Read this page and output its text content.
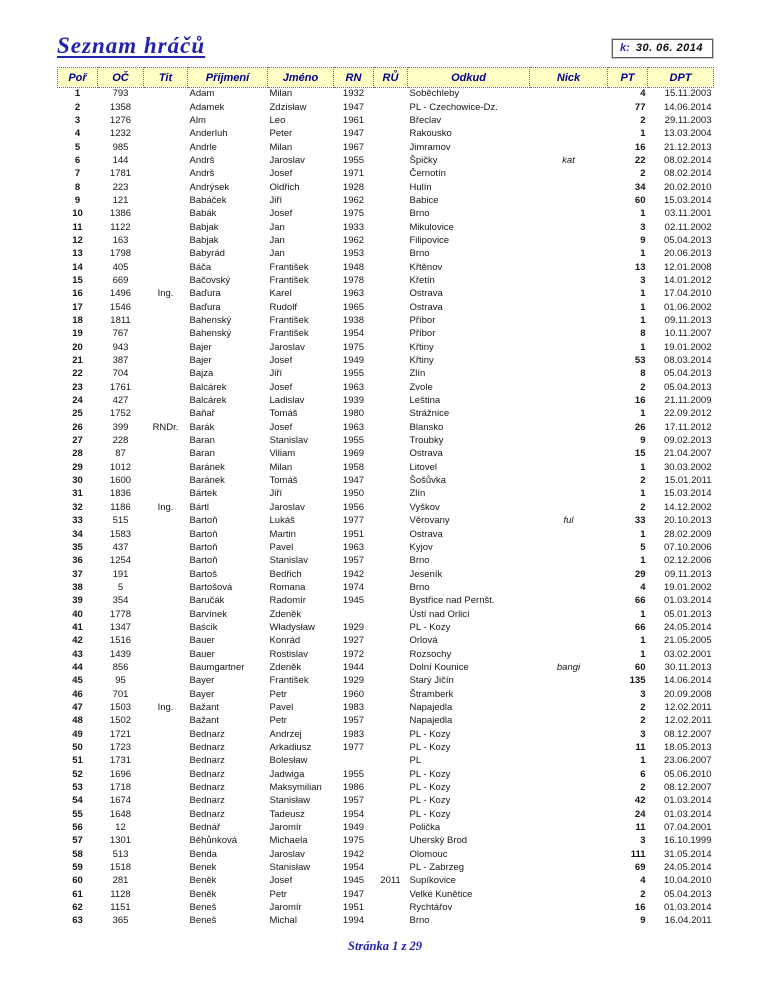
Seznam hráčů	k: 30. 06. 2014
Poř	OČ	Tit	Příjmení	Jméno	RN	RŮ	Odkud	Nick	PT	DPT
1	793		Adam	Milan	1932		Soběchleby		4	15.11.2003
2	1358		Adamek	Zdzisław	1947		PL - Czechowice-Dz.		77	14.06.2014
3	1276		Alm	Leo	1961		Břeclav		2	29.11.2003
4	1232		Anderluh	Peter	1947		Rakousko		1	13.03.2004
5	985		Andrle	Milan	1967		Jimramov		16	21.12.2013
6	144		Andrš	Jaroslav	1955		Špičky	kat	22	08.02.2014
7	1781		Andrš	Josef	1971		Černotín		2	08.02.2014
8	223		Andrýsek	Oldřich	1928		Hulín		34	20.02.2010
9	121		Babáček	Jiří	1962		Babice		60	15.03.2014
10	1386		Babák	Josef	1975		Brno		1	03.11.2001
11	1122		Babjak	Jan	1933		Mikulovice		3	02.11.2002
12	163		Babjak	Jan	1962		Filipovice		9	05.04.2013
13	1798		Babyrád	Jan	1953		Brno		1	20.06.2013
14	405		Báča	František	1948		Křtěnov		13	12.01.2008
15	669		Bačovský	František	1978		Křetín		3	14.01.2012
16	1496	Ing.	Baďura	Karel	1963		Ostrava		1	17.04.2010
17	1546		Baďura	Rudolf	1965		Ostrava		1	01.06.2002
18	1811		Bahenský	František	1938		Příbor		1	09.11.2013
19	767		Bahenský	František	1954		Příbor		8	10.11.2007
20	943		Bajer	Jaroslav	1975		Křtiny		1	19.01.2002
21	387		Bajer	Josef	1949		Křtiny		53	08.03.2014
22	704		Bajza	Jiří	1955		Zlín		8	05.04.2013
23	1761		Balcárek	Josef	1963		Zvole		2	05.04.2013
24	427		Balcárek	Ladislav	1939		Leština		16	21.11.2009
25	1752		Baňař	Tomáš	1980		Strážnice		1	22.09.2012
26	399	RNDr.	Barák	Josef	1963		Blansko		26	17.11.2012
27	228		Baran	Stanislav	1955		Troubky		9	09.02.2013
28	87		Baran	Viliam	1969		Ostrava		15	21.04.2007
29	1012		Baránek	Milan	1958		Litovel		1	30.03.2002
30	1600		Baránek	Tomáš	1947		Šošůvka		2	15.01.2011
31	1836		Bártek	Jiří	1950		Zlín		1	15.03.2014
32	1186	Ing.	Bártl	Jaroslav	1956		Vyškov		2	14.12.2002
33	515		Bartoň	Lukáš	1977		Věrovany	ful	33	20.10.2013
34	1583		Bartoň	Martin	1951		Ostrava		1	28.02.2009
35	437		Bartoň	Pavel	1963		Kyjov		5	07.10.2006
36	1254		Bartoň	Stanislav	1957		Brno		1	02.12.2006
37	191		Bartoš	Bedřich	1942		Jeseník		29	09.11.2013
38	5		Bartošová	Romana	1974		Brno		4	19.01.2002
39	354		Baručák	Radomír	1945		Bystřice nad Pernšt.		66	01.03.2014
40	1778		Barvínek	Zdeněk			Ústí nad Orlicí		1	05.01.2013
41	1347		Baścik	Władysław	1929		PL - Kozy		66	24.05.2014
42	1516		Bauer	Konrád	1927		Orlová		1	21.05.2005
43	1439		Bauer	Rostislav	1972		Rozsochy		1	03.02.2001
44	856		Baumgartner	Zdeněk	1944		Dolní Kounice	bangi	60	30.11.2013
45	95		Bayer	František	1929		Starý Jičín		135	14.06.2014
46	701		Bayer	Petr	1960		Štramberk		3	20.09.2008
47	1503	Ing.	Bažant	Pavel	1983		Napajedla		2	12.02.2011
48	1502		Bažant	Petr	1957		Napajedla		2	12.02.2011
49	1721		Bednarz	Andrzej	1983		PL - Kozy		3	08.12.2007
50	1723		Bednarz	Arkadiusz	1977		PL - Kozy		11	18.05.2013
51	1731		Bednarz	Bolesław			PL		1	23.06.2007
52	1696		Bednarz	Jadwiga	1955		PL - Kozy		6	05.06.2010
53	1718		Bednarz	Maksymilian	1986		PL - Kozy		2	08.12.2007
54	1674		Bednarz	Stanisław	1957		PL - Kozy		42	01.03.2014
55	1648		Bednarz	Tadeusz	1954		PL - Kozy		24	01.03.2014
56	12		Bednář	Jaromír	1949		Polička		11	07.04.2001
57	1301		Běhůnková	Michaela	1975		Uherský Brod		3	16.10.1999
58	513		Benda	Jaroslav	1942		Olomouc		111	31.05.2014
59	1518		Benek	Stanisław	1954		PL - Zabrzeg		69	24.05.2014
60	281		Beněk	Josef	1945	2011	Supíkovice		4	10.04.2010
61	1128		Beněk	Petr	1947		Velké Kunětice		2	05.04.2013
62	1151		Beneš	Jaromír	1951		Rychtářov		16	01.03.2014
63	365		Beneš	Michal	1994		Brno		9	16.04.2011
Stránka 1 z 29
